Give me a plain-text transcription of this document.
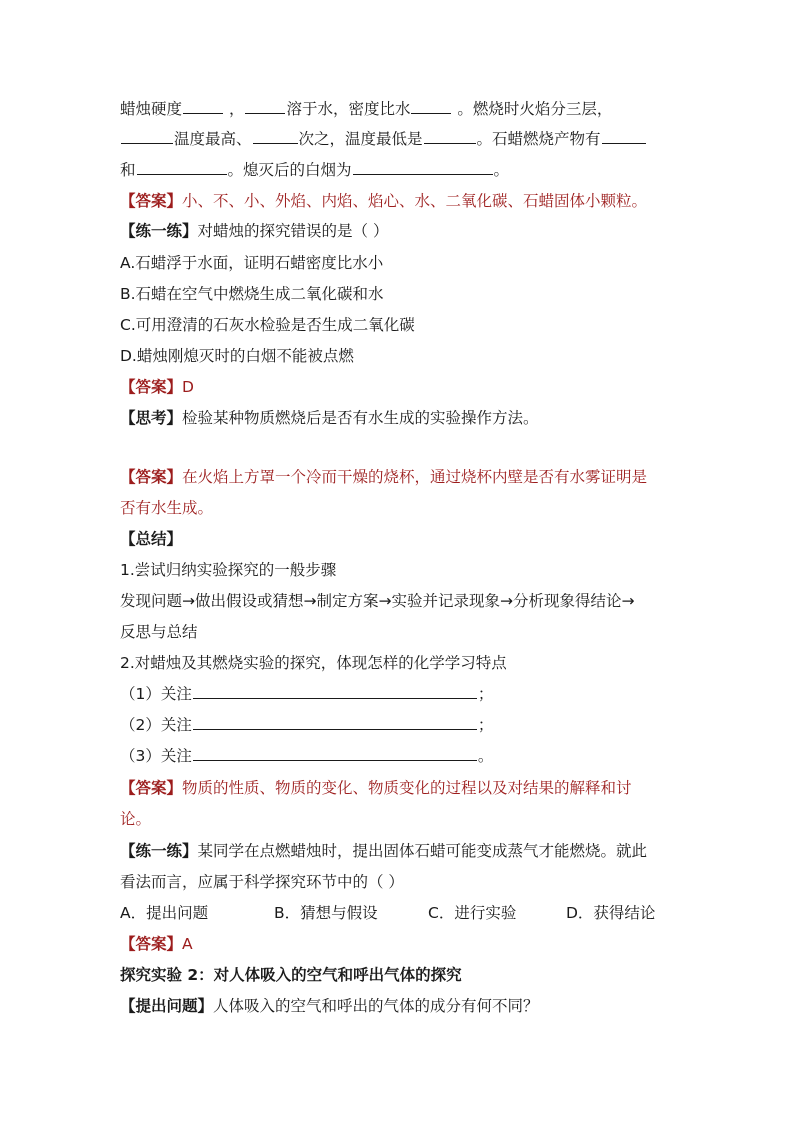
蜡烛硬度	，	溶于水，密度比水	。燃烧时火焰分三层，
温度最高、	次之，温度最低是	。石蜡燃烧产物有
和	。熄灭后的白烟为	。
【答案】小、不、小、外焰、内焰、焰心、水、二氧化碳、石蜡固体小颗粒。
【练一练】对蜡烛的探究错误的是（ ）
A.石蜡浮于水面，证明石蜡密度比水小
B.石蜡在空气中燃烧生成二氧化碳和水
C.可用澄清的石灰水检验是否生成二氧化碳
D.蜡烛刚熄灭时的白烟不能被点燃
【答案】D
【思考】检验某种物质燃烧后是否有水生成的实验操作方法。
【答案】在火焰上方罩一个冷而干燥的烧杯，通过烧杯内壁是否有水雾证明是
否有水生成。
【总结】
1.尝试归纳实验探究的一般步骤
发现问题→做出假设或猜想→制定方案→实验并记录现象→分析现象得结论→
反思与总结
2.对蜡烛及其燃烧实验的探究，体现怎样的化学学习特点
（1）关注	；
（2）关注	；
（3）关注	。
【答案】物质的性质、物质的变化、物质变化的过程以及对结果的解释和讨
论。
【练一练】某同学在点燃蜡烛时，提出固体石蜡可能变成蒸气才能燃烧。就此
看法而言，应属于科学探究环节中的（ ）
A．提出问题	B．猜想与假设	C．进行实验	D．获得结论
【答案】A
探究实验 2：对人体吸入的空气和呼出气体的探究
【提出问题】人体吸入的空气和呼出的气体的成分有何不同？
